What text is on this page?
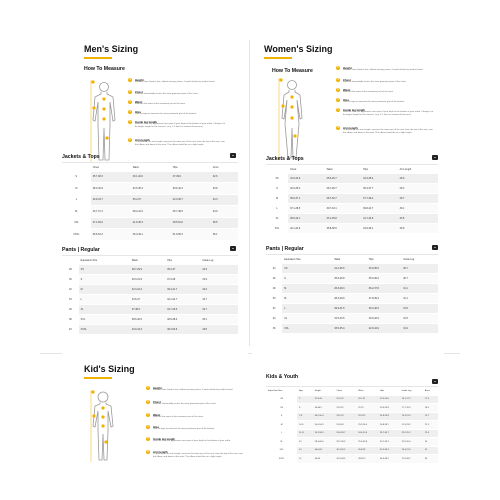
Men's Sizing
How To Measure
1	Height
Measure from head to toe, without wearing shoes. It works better by another hand.
2	Chest
Measure horizontally across the most prominent part of the chest.
3	Waist
Measure the waist at the narrowest part of the torso.
4	Hips
Use the tape to measure the most prominent part of the bottom.
5	Inside leg length
Measure from the uppermost inner part of your thigh to the bottom of your ankle. Change it to be longer length for the trousers. (e.g. 1.5 inch for smarter-fit trousers)
6	Arm length
To determine the arm length, measure the outer part of the arm, from the top of the arm, over the elbow, and down to the wrist. The elbow should be at a slight angle.
Jackets & Tops
	Chest	Waist	Hips	Arms
S	35.7-38.3	30.1-32.6	37-39.6	32.6
M	38.3-40.9	32.6-35.4	39.6-42.3	33.8
L	40.9-43.7	35.4-37.	42.3-45.7	34.3
XL	43.7-47.1	38.4-41.9	45.7-48.5	34.9
XXL	47.1-50.6	41.9-45.3	48.5-51.6	35.5
XXXL	50.6-54.3	45.3-49.1	51.6-55.3	36.1
Pants | Regular
	Equivalent Size	Waist	Hips	Inside Leg
28	XS	28.7-29.9	35.4-37	31.9
30	S	30.3-31.9	37.4-39	31.9
32	M	32.3-34.3	39.4-41.7	32.3
34	L	34.6-37	42.1-44.7	32.7
36	XL	37-38.6	44.7-46.3	32.7
38	XXL	38.6-40.6	46.5-48.4	33.1
40	XXXL	40.9-43.3	48.4-50.6	33.5
Women's Sizing
How To Measure
1	Height
Measure from head to toe, without wearing shoes. It works better by another hand.
2	Chest
Measure horizontally across the most prominent part of the chest.
3	Waist
Measure the waist at the narrowest part of the torso.
4	Hips
Use the tape to measure the most prominent part of the bottom.
5	Inside leg length
Measure from the uppermost inner part of your thigh to the bottom of your ankle. Change it to be longer length for the trousers. (e.g. 1.5 inch for smarter-fit trousers)
6	Arm length
To determine the arm length, measure the outer part of the arm, from the top of the arm, over the elbow, and down to the wrist. The elbow should be at a slight angle.
Jackets & Tops
	Chest	Waist	Hips	Arm length
XS	31.5-32.9	25.6-26.7	34.3-35.4	28.9
S	32.9-35.0	26.7-28.7	35.4-37.7	29.3
M	35.0-37.1	28.7-30.7	37.7-39.4	29.7
L	37.1-39.5	30.7-33.1	39.8-41.7	30.1
XL	39.5-42.1	33.1-35.8	41.7-43.9	30.5
XXL	42.1-44.9	35.8-38.6	43.9-46.1	30.9
Pants | Regular
	Equivalent Size	Waist	Hips	Inside Leg
24	XS	24.4-25.6	33.9-35.0	30.7
26	S	25.6-26.8	35.0-36.2	30.7
28	M	26.8-28.3	36.2-37.8	31.1
30	M	28.3-29.9	37.8-39.4	31.1
32	L	29.9-31.5	39.4-40.9	31.5
34	XL	31.5-33.5	40.9-42.9	31.5
36	XXL	33.5-35.4	42.9-44.9	31.9
Kid's Sizing
1	Height
Measure from head to toe, without wearing shoes. It works better by another hand.
2	Chest
Measure horizontally across the most prominent part of the chest.
3	Waist
Measure the waist at the narrowest part of the torso.
4	Hips
Use the tape to measure the most prominent part of the bottom.
5	Inside leg length
Measure from the uppermost inner part of your thigh to the bottom of your ankle.
6	Arm length
To determine the arm length, measure the outer part of the arm, from the top of the arm, over the elbow, and down to the wrist. The elbow should be at a slight angle.
Kids & Youth
Equivalent Size	Age	Height	Chest	Waist	Hips	Inside Leg	Arms
XS	5	41.3-44	20.9-22	20.1-21	22.4-23.6	16.1-17.7	17.3
XS	6	44-46.5	22-23.2	21-22	23.6-24.8	17.7-19.3	18.3
S	7-8	46.5-50.4	23.2-25	22-23.2	24.8-26.8	19.3-21.3	19.7
M	9-10	50.4-54.3	25-26.8	23.2-24.4	26.8-28.7	21.3-23.2	21.3
L	11-12	54.3-58.3	26.8-28.7	24.4-25.6	28.7-30.7	23.2-25.2	22.8
XL	13	58.3-60.6	28.7-30.3	25.6-26.8	30.7-32.3	25.2-26.4	24
XXL	14	60.6-63	30.3-32.3	26.8-28	32.3-34.3	26.4-27.6	25
XXXL	15	63-65	32.3-34.3	28-29.5	34.3-36.2	27.6-28.7	26
